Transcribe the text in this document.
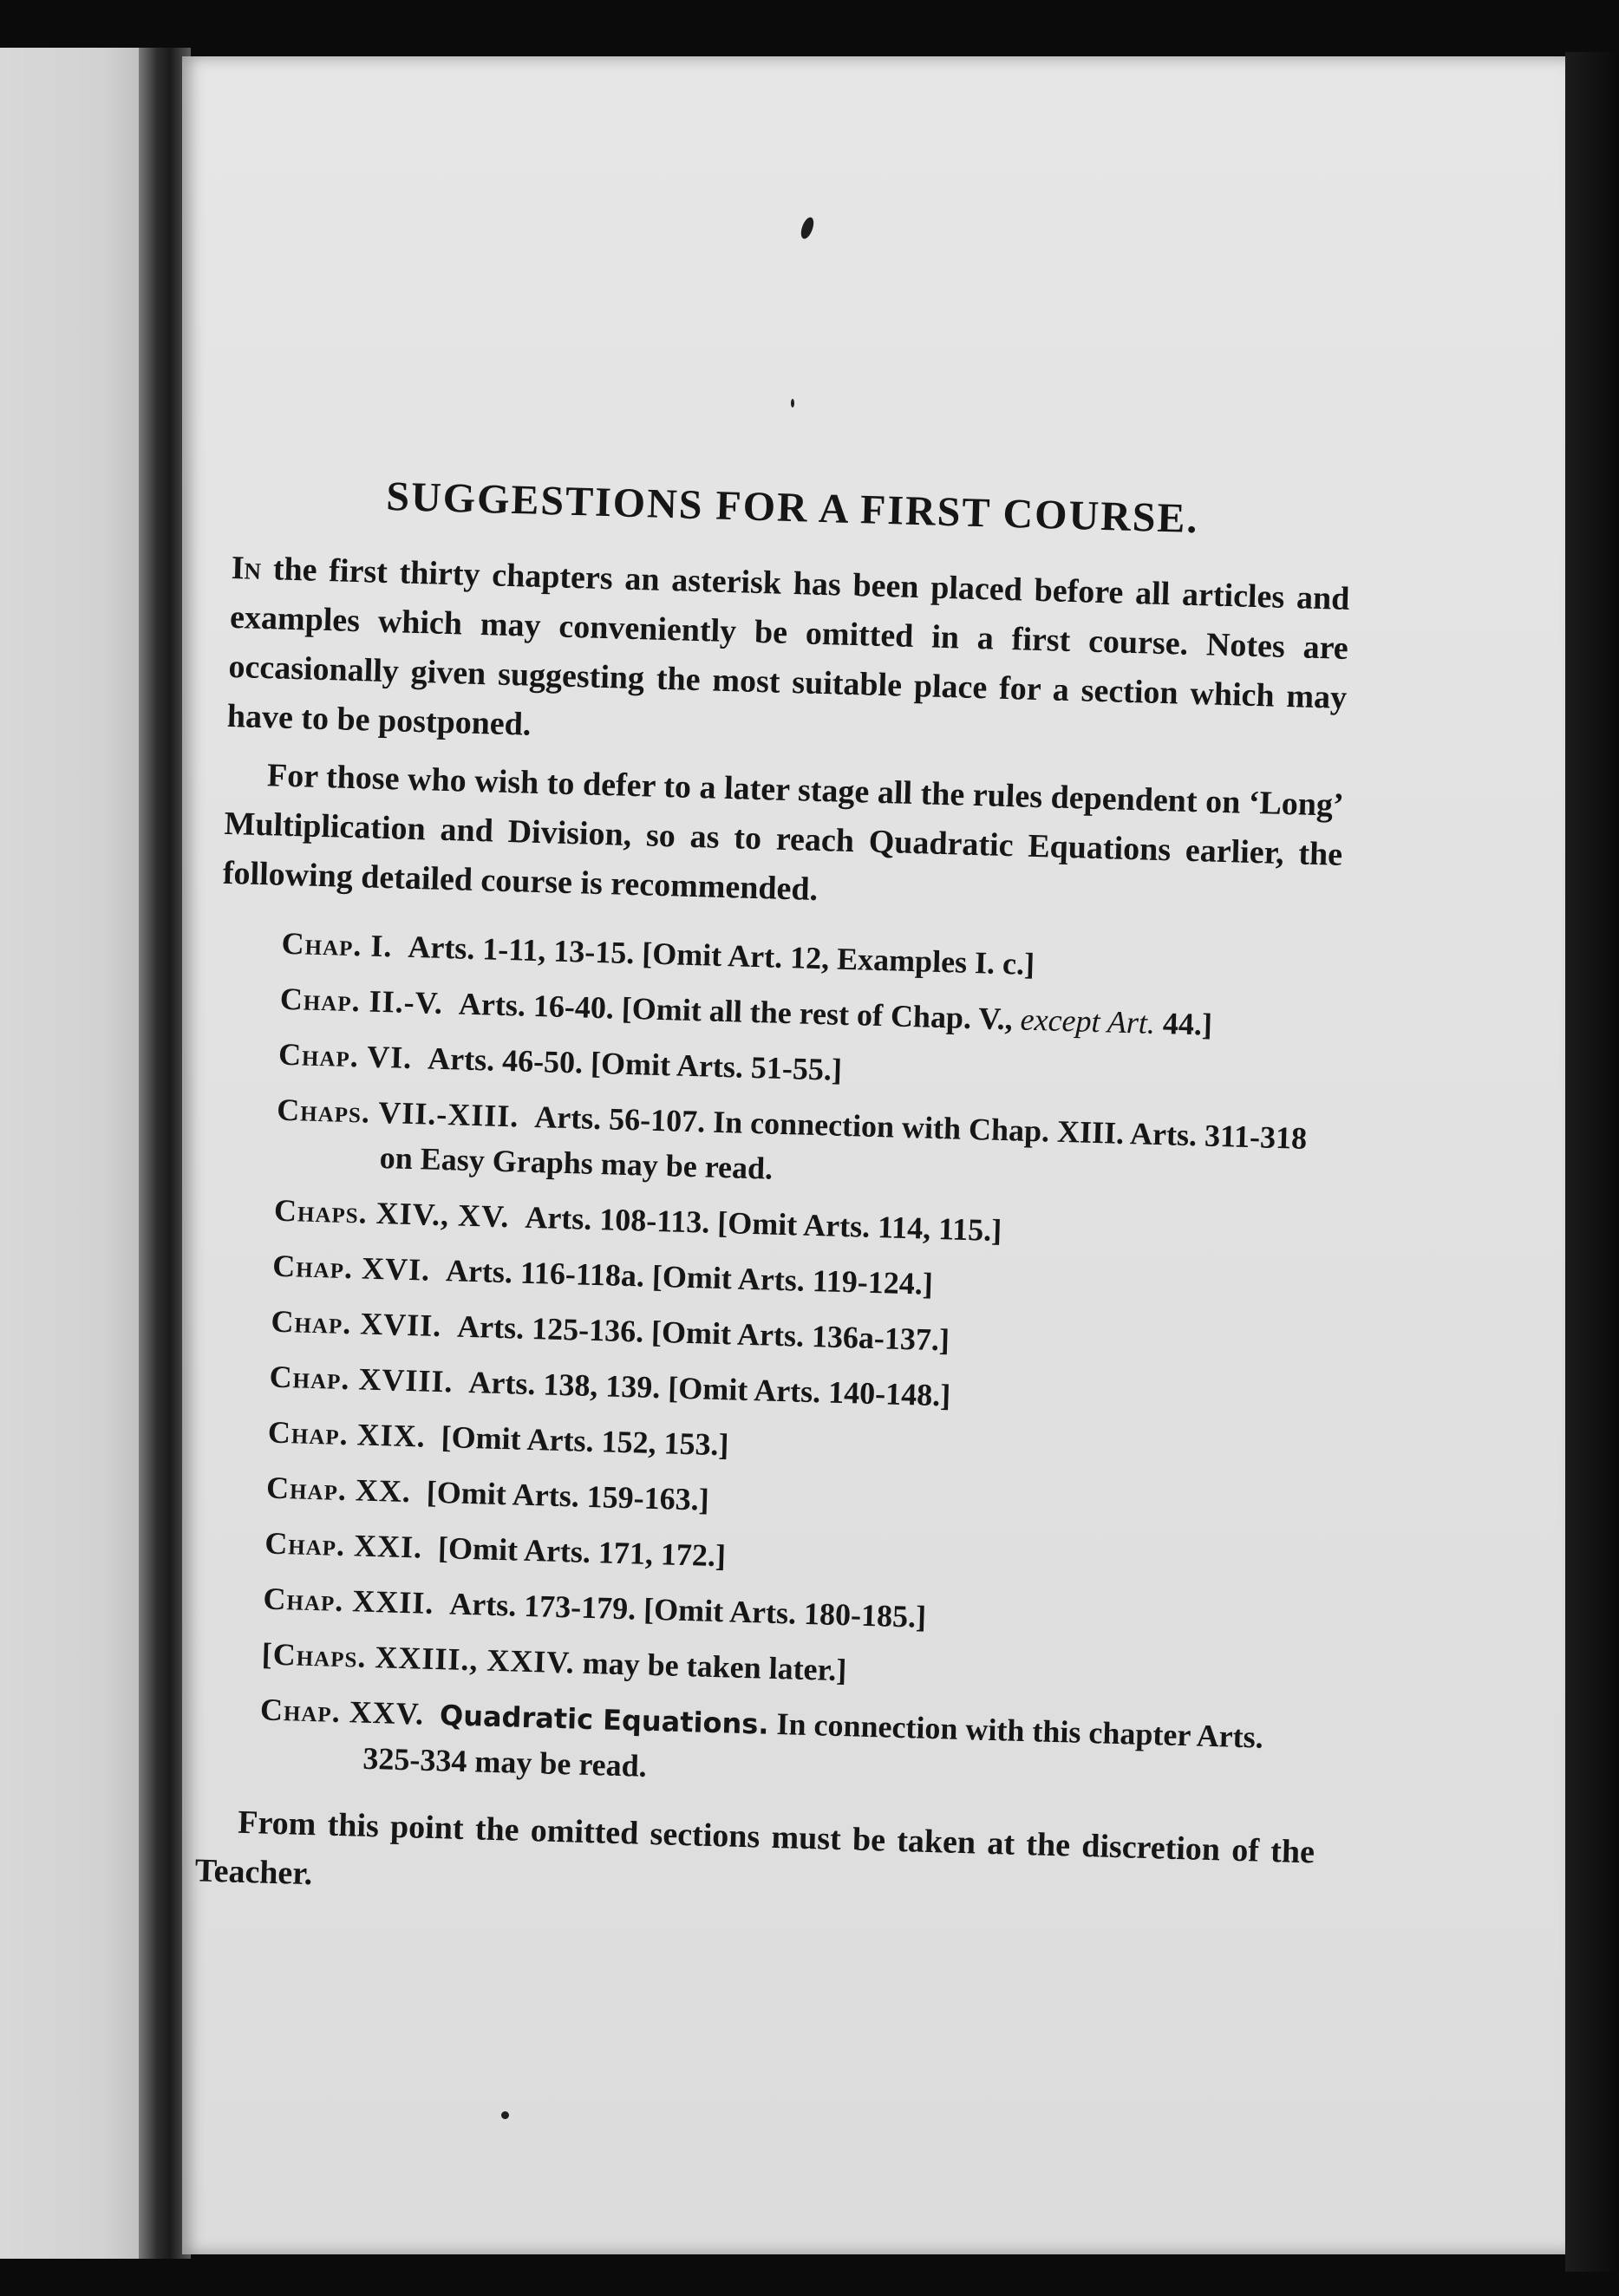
SUGGESTIONS FOR A FIRST COURSE.

In the first thirty chapters an asterisk has been placed before all articles and examples which may conveniently be omitted in a first course. Notes are occasionally given suggesting the most suitable place for a section which may have to be postponed.

For those who wish to defer to a later stage all the rules dependent on ‘Long’ Multiplication and Division, so as to reach Quadratic Equations earlier, the following detailed course is recommended.

Chap. I. Arts. 1-11, 13-15. [Omit Art. 12, Examples I. c.]
Chap. II.-V. Arts. 16-40. [Omit all the rest of Chap. V., except Art. 44.]
Chap. VI. Arts. 46-50. [Omit Arts. 51-55.]
Chaps. VII.-XIII. Arts. 56-107. In connection with Chap. XIII. Arts. 311-318 on Easy Graphs may be read.
Chaps. XIV., XV. Arts. 108-113. [Omit Arts. 114, 115.]
Chap. XVI. Arts. 116-118a. [Omit Arts. 119-124.]
Chap. XVII. Arts. 125-136. [Omit Arts. 136a-137.]
Chap. XVIII. Arts. 138, 139. [Omit Arts. 140-148.]
Chap. XIX. [Omit Arts. 152, 153.]
Chap. XX. [Omit Arts. 159-163.]
Chap. XXI. [Omit Arts. 171, 172.]
Chap. XXII. Arts. 173-179. [Omit Arts. 180-185.]
[Chaps. XXIII., XXIV. may be taken later.]
Chap. XXV. Quadratic Equations. In connection with this chapter Arts. 325-334 may be read.

From this point the omitted sections must be taken at the discretion of the Teacher.
